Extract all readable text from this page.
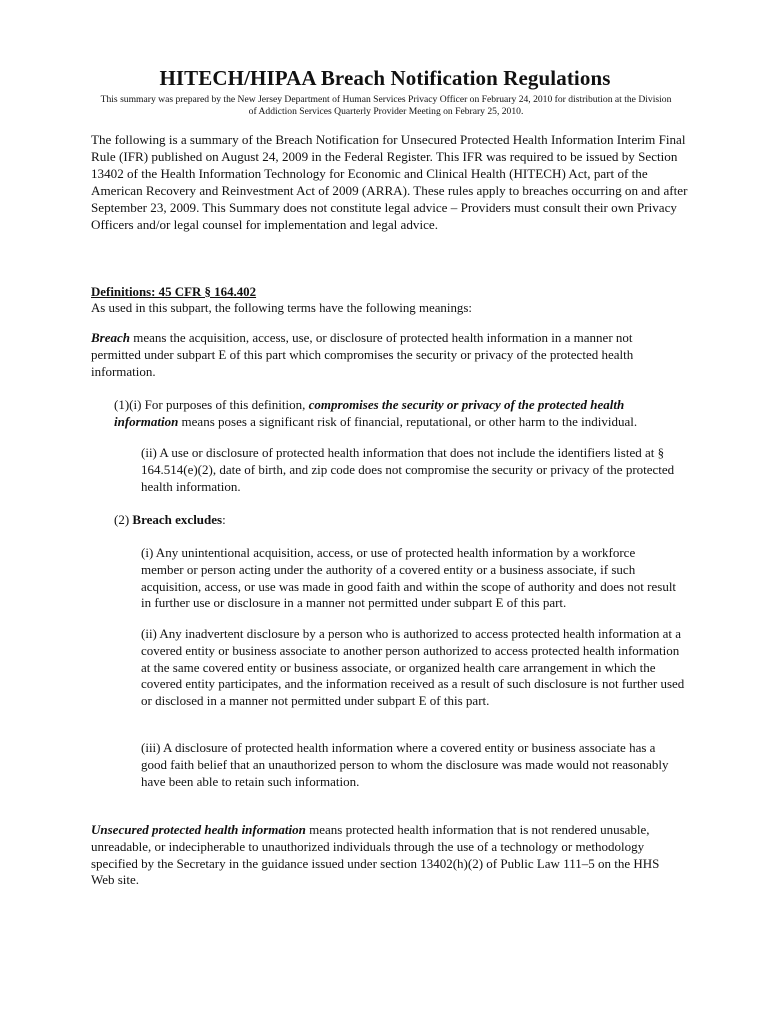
HITECH/HIPAA Breach Notification Regulations

This summary was prepared by the New Jersey Department of Human Services Privacy Officer on February 24, 2010 for distribution at the Division of Addiction Services Quarterly Provider Meeting on Febrary 25, 2010.

The following is a summary of the Breach Notification for Unsecured Protected Health Information Interim Final Rule (IFR) published on August 24, 2009 in the Federal Register. This IFR was required to be issued by Section 13402 of the Health Information Technology for Economic and Clinical Health (HITECH) Act, part of the American Recovery and Reinvestment Act of 2009 (ARRA). These rules apply to breaches occurring on and after September 23, 2009. This Summary does not constitute legal advice – Providers must consult their own Privacy Officers and/or legal counsel for implementation and legal advice.

Definitions: 45 CFR § 164.402
As used in this subpart, the following terms have the following meanings:

Breach means the acquisition, access, use, or disclosure of protected health information in a manner not permitted under subpart E of this part which compromises the security or privacy of the protected health information.

(1)(i) For purposes of this definition, compromises the security or privacy of the protected health information means poses a significant risk of financial, reputational, or other harm to the individual.

(ii) A use or disclosure of protected health information that does not include the identifiers listed at § 164.514(e)(2), date of birth, and zip code does not compromise the security or privacy of the protected health information.

(2) Breach excludes:

(i) Any unintentional acquisition, access, or use of protected health information by a workforce member or person acting under the authority of a covered entity or a business associate, if such acquisition, access, or use was made in good faith and within the scope of authority and does not result in further use or disclosure in a manner not permitted under subpart E of this part.

(ii) Any inadvertent disclosure by a person who is authorized to access protected health information at a covered entity or business associate to another person authorized to access protected health information at the same covered entity or business associate, or organized health care arrangement in which the covered entity participates, and the information received as a result of such disclosure is not further used or disclosed in a manner not permitted under subpart E of this part.

(iii) A disclosure of protected health information where a covered entity or business associate has a good faith belief that an unauthorized person to whom the disclosure was made would not reasonably have been able to retain such information.

Unsecured protected health information means protected health information that is not rendered unusable, unreadable, or indecipherable to unauthorized individuals through the use of a technology or methodology specified by the Secretary in the guidance issued under section 13402(h)(2) of Public Law 111–5 on the HHS Web site.
